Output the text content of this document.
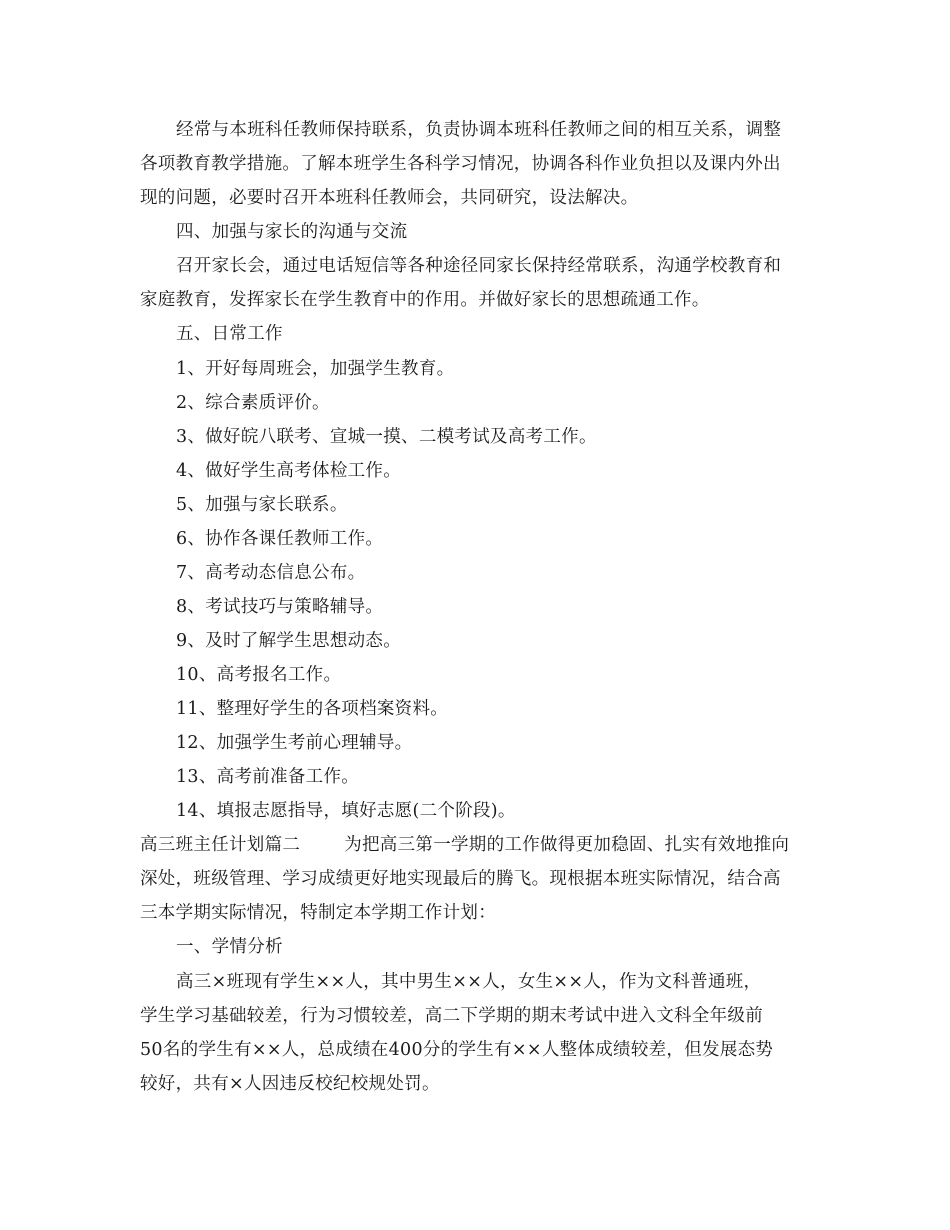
经常与本班科任教师保持联系，负责协调本班科任教师之间的相互关系，调整
各项教育教学措施。了解本班学生各科学习情况，协调各科作业负担以及课内外出
现的问题，必要时召开本班科任教师会，共同研究，设法解决。
四、加强与家长的沟通与交流
召开家长会，通过电话短信等各种途径同家长保持经常联系，沟通学校教育和
家庭教育，发挥家长在学生教育中的作用。并做好家长的思想疏通工作。
五、日常工作
1、开好每周班会，加强学生教育。
2、综合素质评价。
3、做好皖八联考、宣城一摸、二模考试及高考工作。
4、做好学生高考体检工作。
5、加强与家长联系。
6、协作各课任教师工作。
7、高考动态信息公布。
8、考试技巧与策略辅导。
9、及时了解学生思想动态。
10、高考报名工作。
11、整理好学生的各项档案资料。
12、加强学生考前心理辅导。
13、高考前准备工作。
14、填报志愿指导，填好志愿(二个阶段)。
高三班主任计划篇二	为把高三第一学期的工作做得更加稳固、扎实有效地推向
深处，班级管理、学习成绩更好地实现最后的腾飞。现根据本班实际情况，结合高
三本学期实际情况，特制定本学期工作计划：
一、学情分析
高三×班现有学生××人，其中男生××人，女生××人，作为文科普通班，
学生学习基础较差，行为习惯较差，高二下学期的期末考试中进入文科全年级前
50名的学生有××人，总成绩在400分的学生有××人整体成绩较差，但发展态势
较好，共有×人因违反校纪校规处罚。
